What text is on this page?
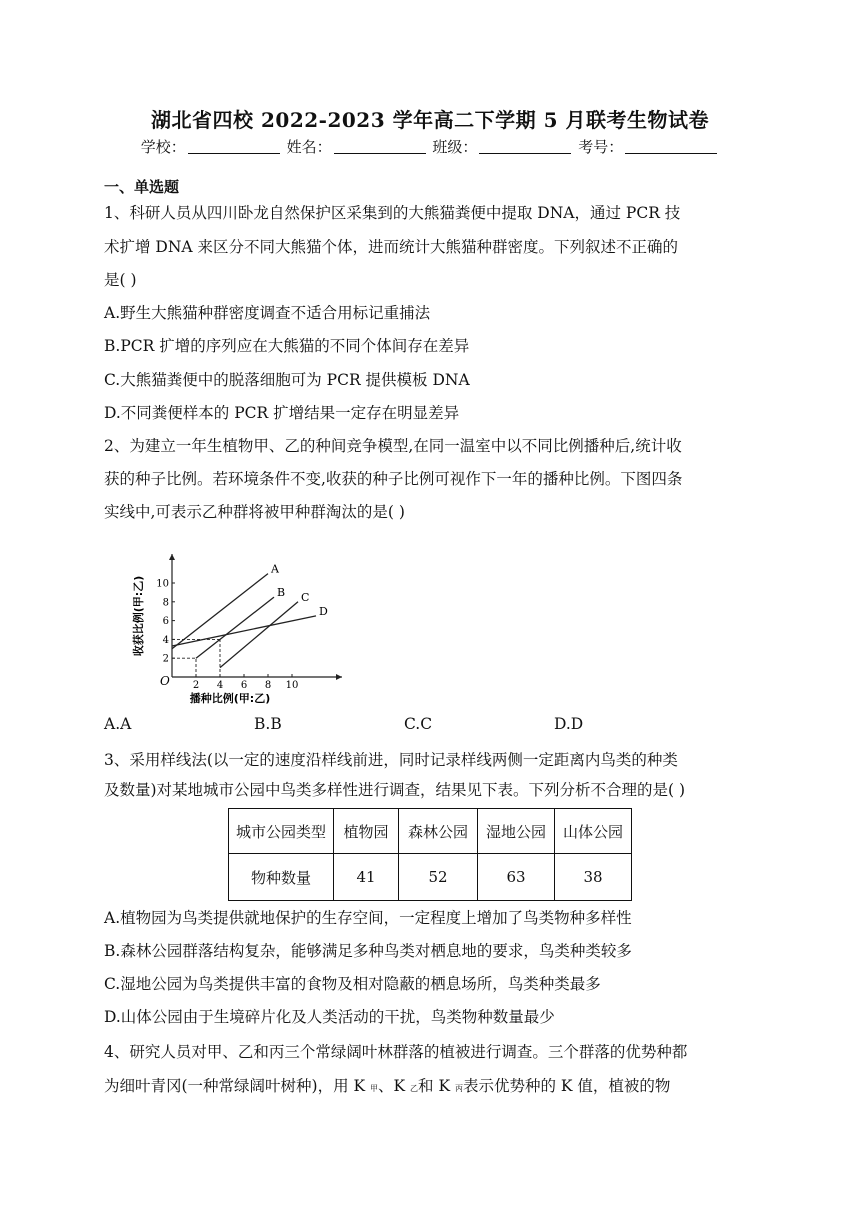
湖北省四校 2022-2023 学年高二下学期 5 月联考生物试卷
学校：	姓名：	班级：	考号：
一、单选题
1、科研人员从四川卧龙自然保护区采集到的大熊猫粪便中提取 DNA，通过 PCR 技
术扩增 DNA 来区分不同大熊猫个体，进而统计大熊猫种群密度。下列叙述不正确的
是( )
A.野生大熊猫种群密度调查不适合用标记重捕法
B.PCR 扩增的序列应在大熊猫的不同个体间存在差异
C.大熊猫粪便中的脱落细胞可为 PCR 提供模板 DNA
D.不同粪便样本的 PCR 扩增结果一定存在明显差异
2、为建立一年生植物甲、乙的种间竞争模型,在同一温室中以不同比例播种后,统计收
获的种子比例。若环境条件不变,收获的种子比例可视作下一年的播种比例。下图四条
实线中,可表示乙种群将被甲种群淘汰的是( )
O 2 4 6 8 10
2
4
6
8
10
A
B C
D
播种比例(甲:乙)
收获比例(甲:乙)
A.A	B.B	C.C	D.D
3、采用样线法(以一定的速度沿样线前进，同时记录样线两侧一定距离内鸟类的种类
及数量)对某地城市公园中鸟类多样性进行调查，结果见下表。下列分析不合理的是( )
城市公园类型	植物园	森林公园	湿地公园	山体公园
物种数量	41	52	63	38
A.植物园为鸟类提供就地保护的生存空间，一定程度上增加了鸟类物种多样性
B.森林公园群落结构复杂，能够满足多种鸟类对栖息地的要求，鸟类种类较多
C.湿地公园为鸟类提供丰富的食物及相对隐蔽的栖息场所，鸟类种类最多
D.山体公园由于生境碎片化及人类活动的干扰，鸟类物种数量最少
4、研究人员对甲、乙和丙三个常绿阔叶林群落的植被进行调查。三个群落的优势种都
为细叶青冈(一种常绿阔叶树种)，用 K 甲、K 乙和 K 丙表示优势种的 K 值，植被的物
